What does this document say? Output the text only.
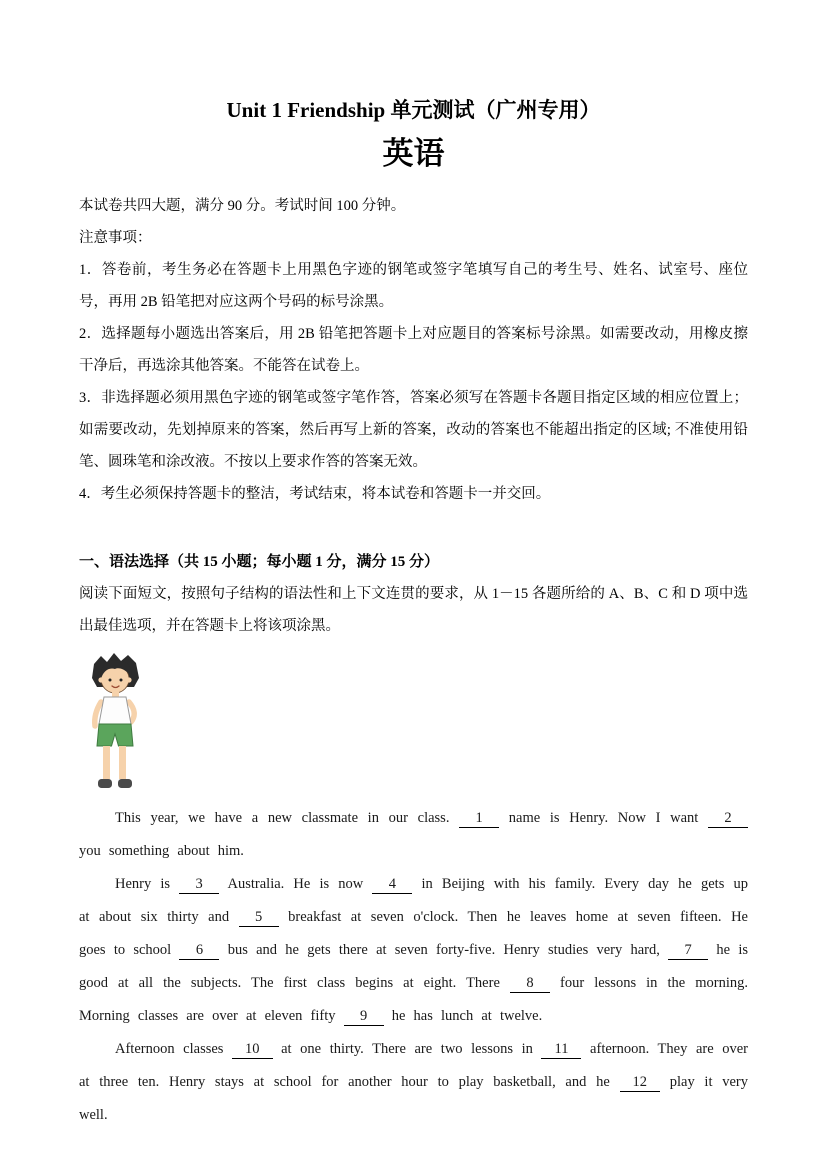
Unit 1 Friendship 单元测试（广州专用）
英语

本试卷共四大题，满分 90 分。考试时间 100 分钟。

注意事项：

1．答卷前，考生务必在答题卡上用黑色字迹的钢笔或签字笔填写自己的考生号、姓名、试室号、座位号，再用 2B 铅笔把对应这两个号码的标号涂黑。

2．选择题每小题选出答案后，用 2B 铅笔把答题卡上对应题目的答案标号涂黑。如需要改动，用橡皮擦干净后，再选涂其他答案。不能答在试卷上。

3．非选择题必须用黑色字迹的钢笔或签字笔作答，答案必须写在答题卡各题目指定区域的相应位置上；如需要改动，先划掉原来的答案，然后再写上新的答案，改动的答案也不能超出指定的区域; 不准使用铅笔、圆珠笔和涂改液。不按以上要求作答的答案无效。

4．考生必须保持答题卡的整洁，考试结束，将本试卷和答题卡一并交回。

一、语法选择（共 15 小题；每小题 1 分，满分 15 分）

阅读下面短文，按照句子结构的语法性和上下文连贯的要求，从 1－15 各题所给的 A、B、C 和 D 项中选出最佳选项，并在答题卡上将该项涂黑。

This year, we have a new classmate in our class. 1 name is Henry. Now I want 2 you something about him.

Henry is 3 Australia. He is now 4 in Beijing with his family. Every day he gets up at about six thirty and 5 breakfast at seven o'clock. Then he leaves home at seven fifteen. He goes to school 6 bus and he gets there at seven forty-five. Henry studies very hard, 7 he is good at all the subjects. The first class begins at eight. There 8 four lessons in the morning. Morning classes are over at eleven fifty 9 he has lunch at twelve.

Afternoon classes 10 at one thirty. There are two lessons in 11 afternoon. They are over at three ten. Henry stays at school for another hour to play basketball, and he 12 play it very well.
